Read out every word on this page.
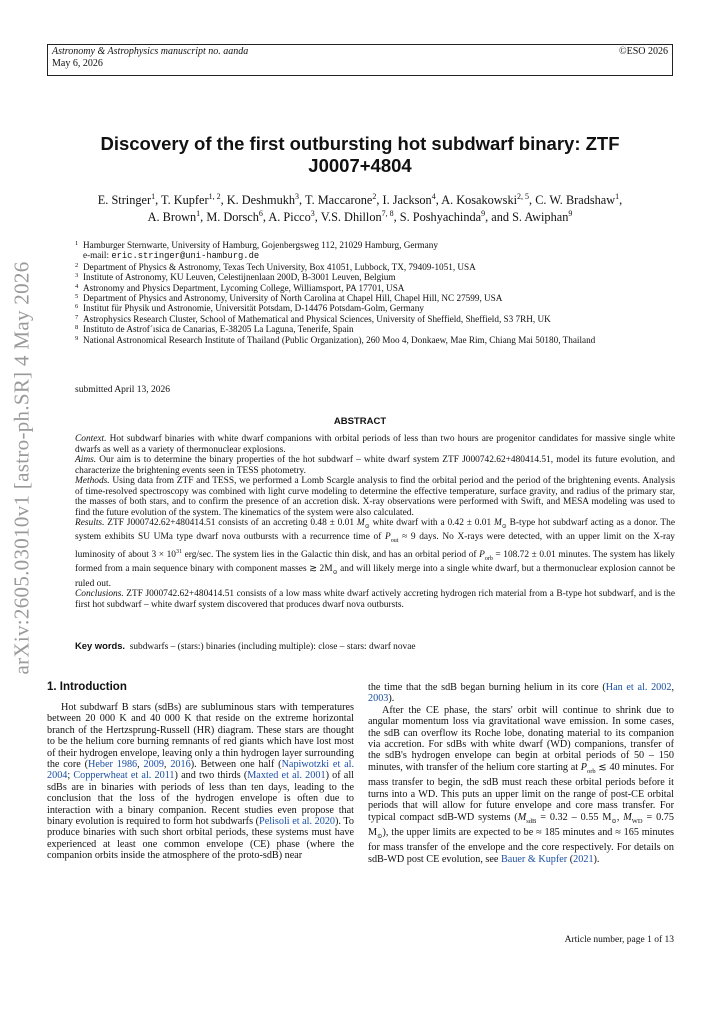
arXiv:2605.03010v1 [astro-ph.SR] 4 May 2026
Astronomy & Astrophysics manuscript no. aanda
May 6, 2026
©ESO 2026
Discovery of the first outbursting hot subdwarf binary: ZTF J0007+4804
E. Stringer$^1$, T. Kupfer$^{1, 2}$, K. Deshmukh$^3$, T. Maccarone$^2$, I. Jackson$^4$, A. Kosakowski$^{2, 5}$, C. W. Bradshaw$^1$,
A. Brown$^1$, M. Dorsch$^6$, A. Picco$^3$, V.S. Dhillon$^{7, 8}$, S. Poshyachinda$^9$, and S. Awiphan$^9$
1 Hamburger Sternwarte, University of Hamburg, Gojenbergsweg 112, 21029 Hamburg, Germany
e-mail: eric.stringer@uni-hamburg.de
2 Department of Physics & Astronomy, Texas Tech University, Box 41051, Lubbock, TX, 79409-1051, USA
3 Institute of Astronomy, KU Leuven, Celestijnenlaan 200D, B-3001 Leuven, Belgium
4 Astronomy and Physics Department, Lycoming College, Williamsport, PA 17701, USA
5 Department of Physics and Astronomy, University of North Carolina at Chapel Hill, Chapel Hill, NC 27599, USA
6 Institut für Physik und Astronomie, Universität Potsdam, D-14476 Potsdam-Golm, Germany
7 Astrophysics Research Cluster, School of Mathematical and Physical Sciences, University of Sheffield, Sheffield, S3 7RH, UK
8 Instituto de Astrof´ısica de Canarias, E-38205 La Laguna, Tenerife, Spain
9 National Astronomical Research Institute of Thailand (Public Organization), 260 Moo 4, Donkaew, Mae Rim, Chiang Mai 50180, Thailand
submitted April 13, 2026
ABSTRACT

Context. Hot subdwarf binaries with white dwarf companions with orbital periods of less than two hours are progenitor candidates for massive single white dwarfs as well as a variety of thermonuclear explosions.

Aims. Our aim is to determine the binary properties of the hot subdwarf – white dwarf system ZTF J000742.62+480414.51, model its future evolution, and characterize the brightening events seen in TESS photometry.

Methods. Using data from ZTF and TESS, we performed a Lomb Scargle analysis to find the orbital period and the period of the brightening events. Analysis of time-resolved spectroscopy was combined with light curve modeling to determine the effective temperature, surface gravity, and radius of the primary star, the masses of both stars, and to confirm the presence of an accretion disk. X-ray observations were performed with Swift, and MESA modeling was used to find the future evolution of the system. The kinematics of the system were also calculated.

Results. ZTF J000742.62+480414.51 consists of an accreting 0.48 ± 0.01 $M_⊙$ white dwarf with a 0.42 ± 0.01 $M_⊙$ B-type hot subdwarf acting as a donor. The system exhibits SU UMa type dwarf nova outbursts with a recurrence time of $P_{out} \approx 9$ days. No X-rays were detected, with an upper limit on the X-ray luminosity of about $3 \times 10^{31}$ erg/sec. The system lies in the Galactic thin disk, and has an orbital period of $P_{orb} = 108.72 \pm 0.01$ minutes. The system has likely formed from a main sequence binary with component masses ≳ $2M_⊙$ and will likely merge into a single white dwarf, but a thermonuclear explosion cannot be ruled out.

Conclusions. ZTF J000742.62+480414.51 consists of a low mass white dwarf actively accreting hydrogen rich material from a B-type hot subdwarf, and is the first hot subdwarf – white dwarf system discovered that produces dwarf nova outbursts.

Key words. subdwarfs – (stars:) binaries (including multiple): close – stars: dwarf novae
1. Introduction

Hot subdwarf B stars (sdBs) are subluminous stars with temperatures between 20 000 K and 40 000 K that reside on the extreme horizontal branch of the Hertzsprung-Russell (HR) diagram. These stars are thought to be the helium core burning remnants of red giants which have lost most of their hydrogen envelope, leaving only a thin hydrogen layer surrounding the core (Heber 1986, 2009, 2016). Between one half (Napiwotzki et al. 2004; Copperwheat et al. 2011) and two thirds (Maxted et al. 2001) of all sdBs are in binaries with periods of less than ten days, leading to the conclusion that the loss of the hydrogen envelope is often due to interaction with a binary companion. Recent studies even propose that binary evolution is required to form hot subdwarfs (Pelisoli et al. 2020). To produce binaries with such short orbital periods, these systems must have experienced at least one common envelope (CE) phase (where the companion orbits inside the atmosphere of the proto-sdB) near

the time that the sdB began burning helium in its core (Han et al. 2002, 2003).

After the CE phase, the stars' orbit will continue to shrink due to angular momentum loss via gravitational wave emission. In some cases, the sdB can overflow its Roche lobe, donating material to its companion via accretion. For sdBs with white dwarf (WD) companions, transfer of the sdB's hydrogen envelope can begin at orbital periods of 50 – 150 minutes, with transfer of the helium core starting at $P_{orb}$ ≲ 40 minutes. For mass transfer to begin, the sdB must reach these orbital periods before it turns into a WD. This puts an upper limit on the range of post-CE orbital periods that will allow for future envelope and core mass transfer. For typical compact sdB-WD systems ($M_{sdB} = 0.32 - 0.55$ $M_⊙$, $M_{WD} = 0.75$ $M_⊙$), the upper limits are expected to be ≈ 185 minutes and ≈ 165 minutes for mass transfer of the envelope and the core respectively. For details on sdB-WD post CE evolution, see Bauer & Kupfer (2021).

Article number, page 1 of 13
